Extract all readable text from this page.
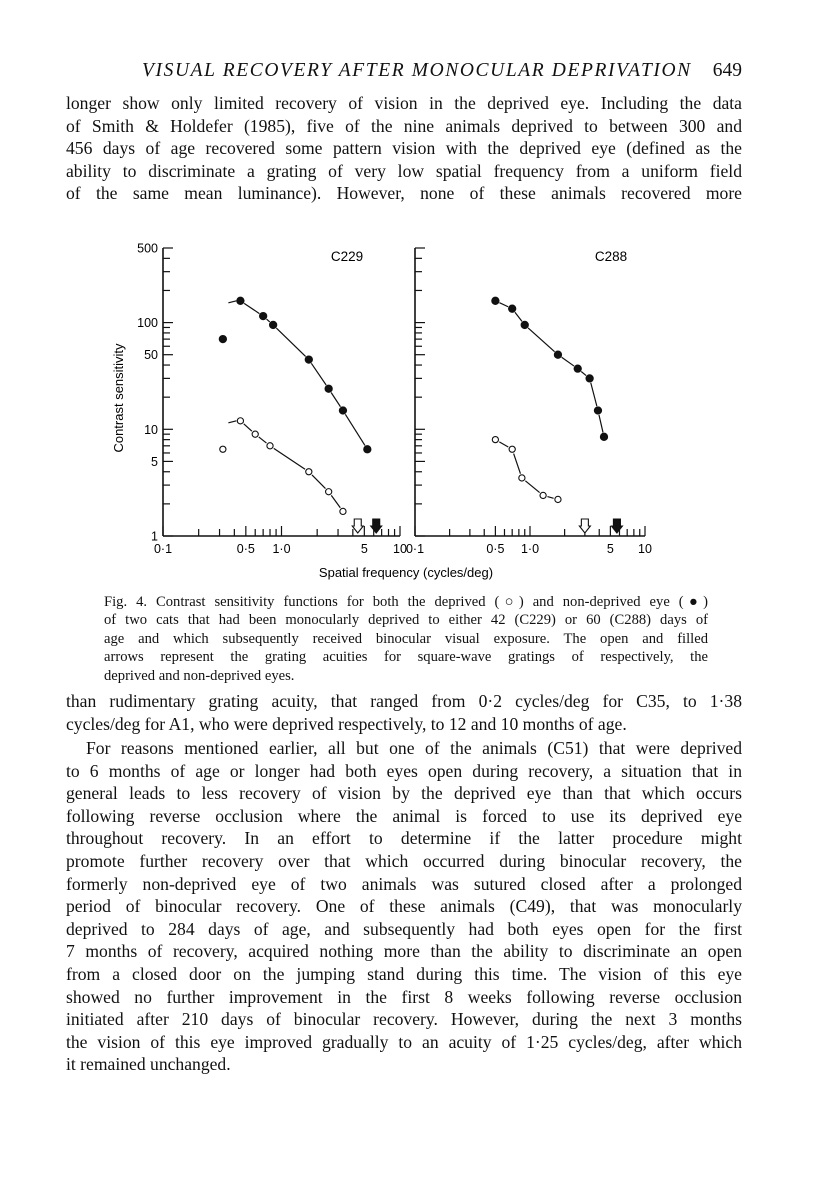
VISUAL RECOVERY AFTER MONOCULAR DEPRIVATION 649

longer show only limited recovery of vision in the deprived eye. Including the data
of Smith & Holdefer (1985), five of the nine animals deprived to between 300 and
456 days of age recovered some pattern vision with the deprived eye (defined as the
ability to discriminate a grating of very low spatial frequency from a uniform field
of the same mean luminance). However, none of these animals recovered more

Contrast sensitivity
Spatial frequency (cycles/deg)
C229	C288
500
100
50
10
5
1
0·1	0·5 1·0	5 10 0·1	0·5 1·0	5 10

Fig. 4. Contrast sensitivity functions for both the deprived (○) and non-deprived eye (●)
of two cats that had been monocularly deprived to either 42 (C229) or 60 (C288) days of
age and which subsequently received binocular visual exposure. The open and filled
arrows represent the grating acuities for square-wave gratings of respectively, the
deprived and non-deprived eyes.

than rudimentary grating acuity, that ranged from 0·2 cycles/deg for C35, to 1·38
cycles/deg for A1, who were deprived respectively, to 12 and 10 months of age.

For reasons mentioned earlier, all but one of the animals (C51) that were deprived
to 6 months of age or longer had both eyes open during recovery, a situation that in
general leads to less recovery of vision by the deprived eye than that which occurs
following reverse occlusion where the animal is forced to use its deprived eye
throughout recovery. In an effort to determine if the latter procedure might
promote further recovery over that which occurred during binocular recovery, the
formerly non-deprived eye of two animals was sutured closed after a prolonged
period of binocular recovery. One of these animals (C49), that was monocularly
deprived to 284 days of age, and subsequently had both eyes open for the first
7 months of recovery, acquired nothing more than the ability to discriminate an open
from a closed door on the jumping stand during this time. The vision of this eye
showed no further improvement in the first 8 weeks following reverse occlusion
initiated after 210 days of binocular recovery. However, during the next 3 months
the vision of this eye improved gradually to an acuity of 1·25 cycles/deg, after which
it remained unchanged.
